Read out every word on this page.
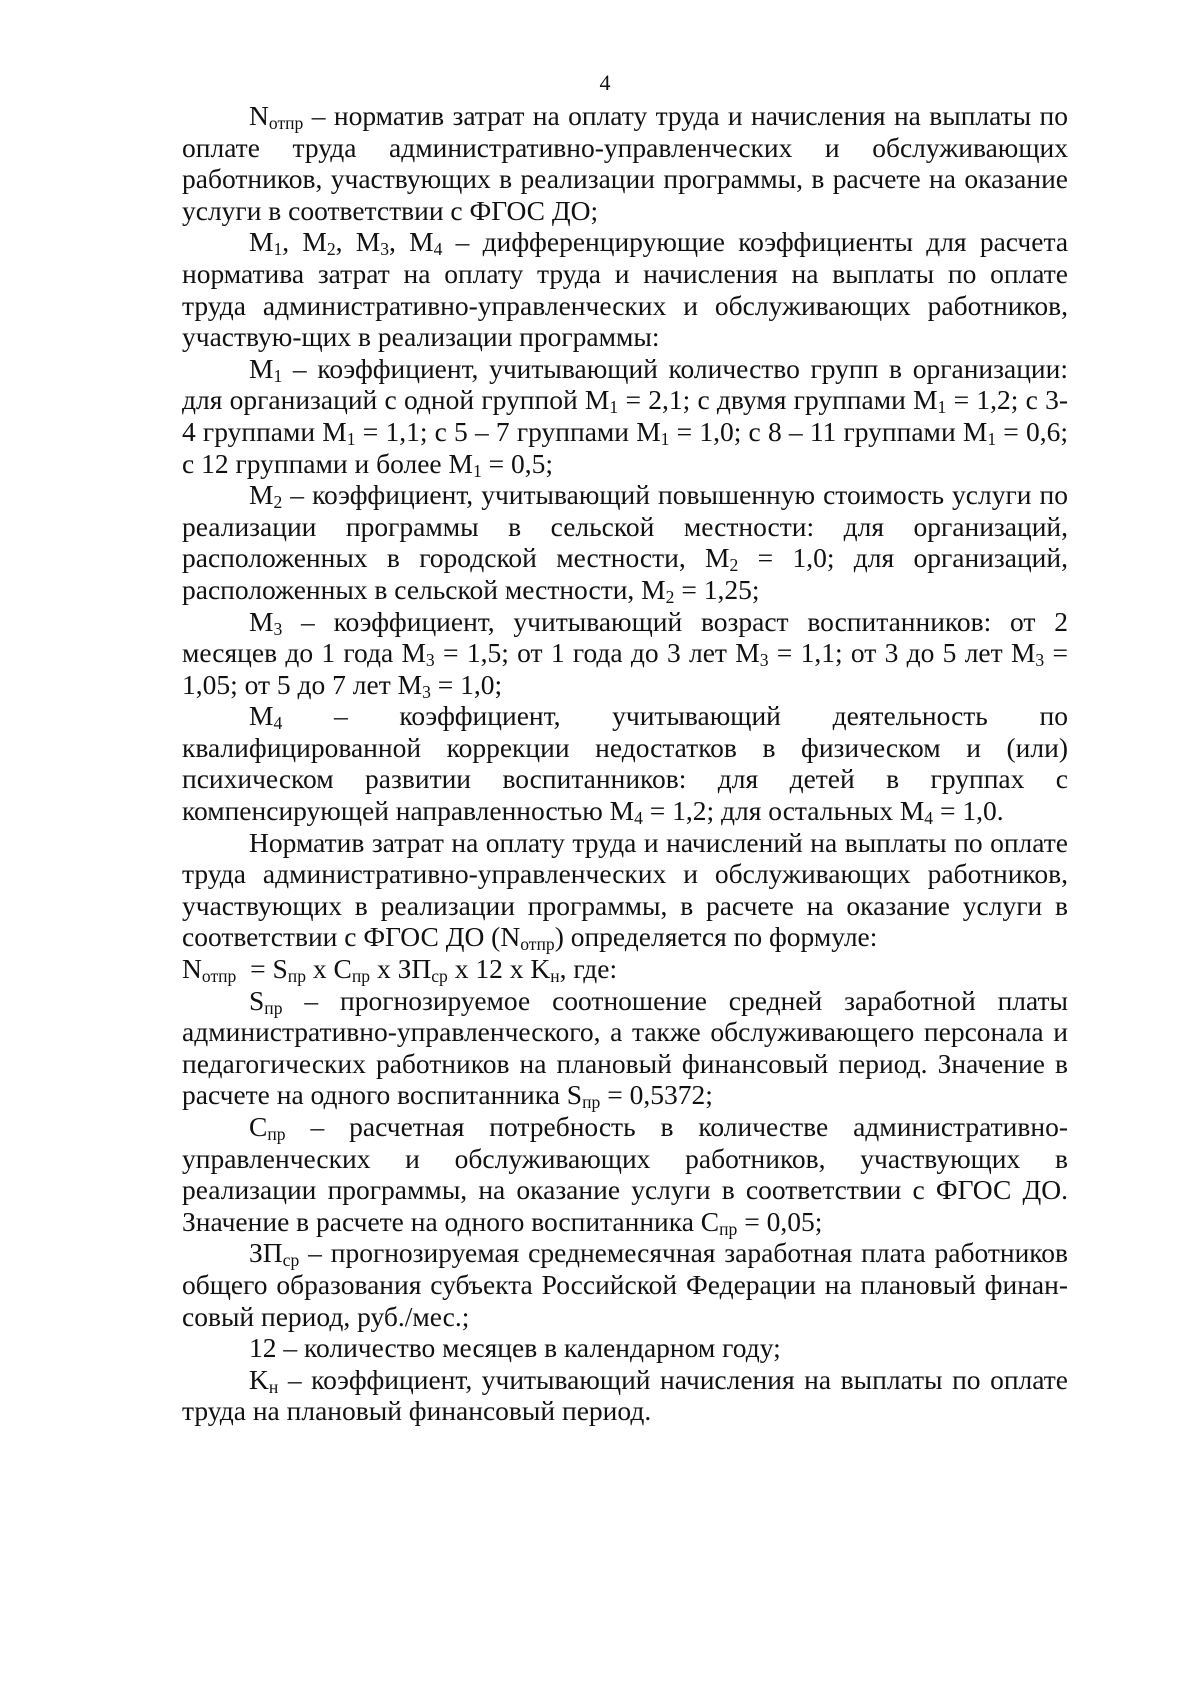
4

$N_{отпр}$ – норматив затрат на оплату труда и начисления на выплаты по оплате труда административно-управленческих и обслуживающих работников, участвующих в реализации программы, в расчете на оказание услуги в соответствии с ФГОС ДО;

$M_1$, $M_2$, $M_3$, $M_4$ – дифференцирующие коэффициенты для расчета норматива затрат на оплату труда и начисления на выплаты по оплате труда административно-управленческих и обслуживающих работников, участвую-щих в реализации программы:

$M_1$ – коэффициент, учитывающий количество групп в организации: для организаций с одной группой $M_1 = 2,1$; с двумя группами $M_1 = 1,2$; с 3-4 группами $M_1 = 1,1$; с 5 – 7 группами $M_1 = 1,0$; с 8 – 11 группами $M_1 = 0,6$; с 12 группами и более $M_1 = 0,5$;

$M_2$ – коэффициент, учитывающий повышенную стоимость услуги по реализации программы в сельской местности: для организаций, расположенных в городской местности, $M_2 = 1,0$; для организаций, расположенных в сельской местности, $M_2 = 1,25$;

$M_3$ – коэффициент, учитывающий возраст воспитанников: от 2 месяцев до 1 года $M_3 = 1,5$; от 1 года до 3 лет $M_3 = 1,1$; от 3 до 5 лет $M_3 = 1,05$; от 5 до 7 лет $M_3 = 1,0$;

$M_4$ – коэффициент, учитывающий деятельность по квалифицированной коррекции недостатков в физическом и (или) психическом развитии воспитанников: для детей в группах с компенсирующей направленностью $M_4 = 1,2$; для остальных $M_4 = 1,0$.

Норматив затрат на оплату труда и начислений на выплаты по оплате труда административно-управленческих и обслуживающих работников, участвующих в реализации программы, в расчете на оказание услуги в соответствии с ФГОС ДО $(N_{отпр})$ определяется по формуле:

$N_{отпр} = S_{пр}$ x $C_{пр}$ x $ЗП_{ср}$ x 12 x $K_н$, где:

$S_{пр}$ – прогнозируемое соотношение средней заработной платы административно-управленческого, а также обслуживающего персонала и педагогических работников на плановый финансовый период. Значение в расчете на одного воспитанника $S_{пр} = 0,5372$;

$C_{пр}$ – расчетная потребность в количестве административно-управленческих и обслуживающих работников, участвующих в реализации программы, на оказание услуги в соответствии с ФГОС ДО. Значение в расчете на одного воспитанника $C_{пр} = 0,05$;

$ЗП_{ср}$ – прогнозируемая среднемесячная заработная плата работников общего образования субъекта Российской Федерации на плановый финан-совый период, руб./мес.;

12 – количество месяцев в календарном году;

$K_н$ – коэффициент, учитывающий начисления на выплаты по оплате труда на плановый финансовый период.
